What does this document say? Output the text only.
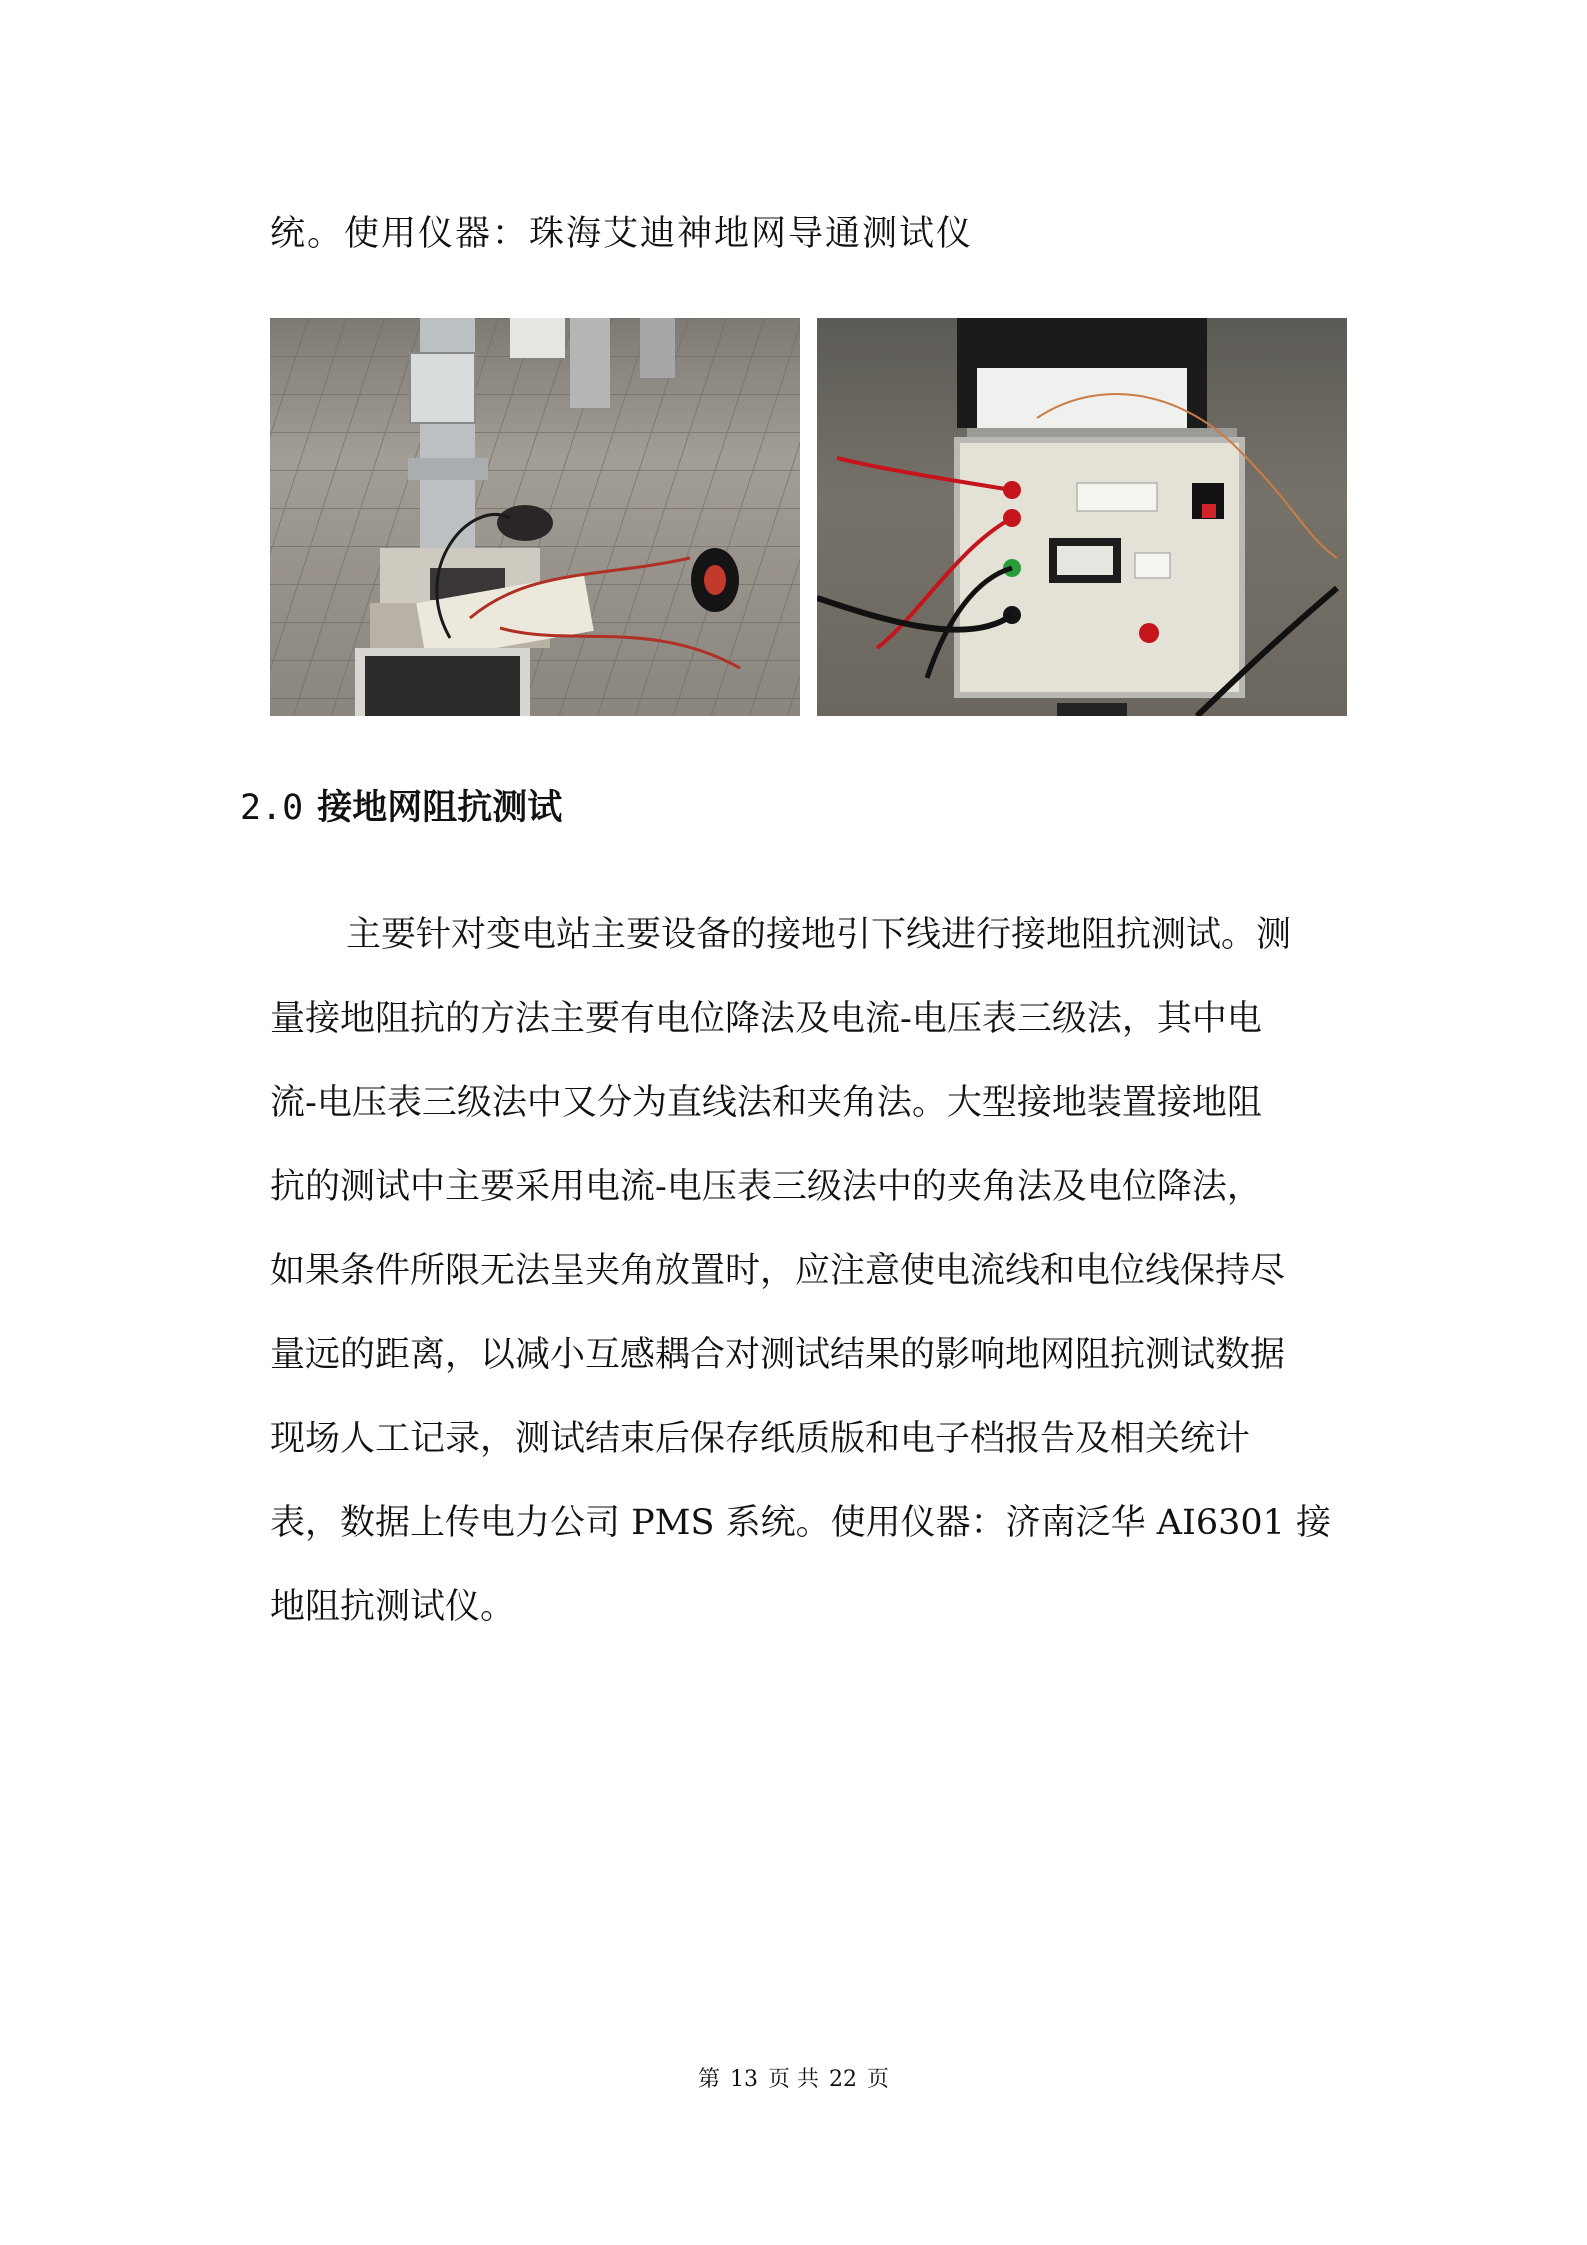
统。使用仪器：珠海艾迪神地网导通测试仪
2.0 接地网阻抗测试
主要针对变电站主要设备的接地引下线进行接地阻抗测试。测
量接地阻抗的方法主要有电位降法及电流-电压表三级法，其中电
流-电压表三级法中又分为直线法和夹角法。大型接地装置接地阻
抗的测试中主要采用电流-电压表三级法中的夹角法及电位降法，
如果条件所限无法呈夹角放置时，应注意使电流线和电位线保持尽
量远的距离，以减小互感耦合对测试结果的影响地网阻抗测试数据
现场人工记录，测试结束后保存纸质版和电子档报告及相关统计
表，数据上传电力公司 PMS 系统。使用仪器：济南泛华 AI6301 接
地阻抗测试仪。
第 13 页 共 22 页
